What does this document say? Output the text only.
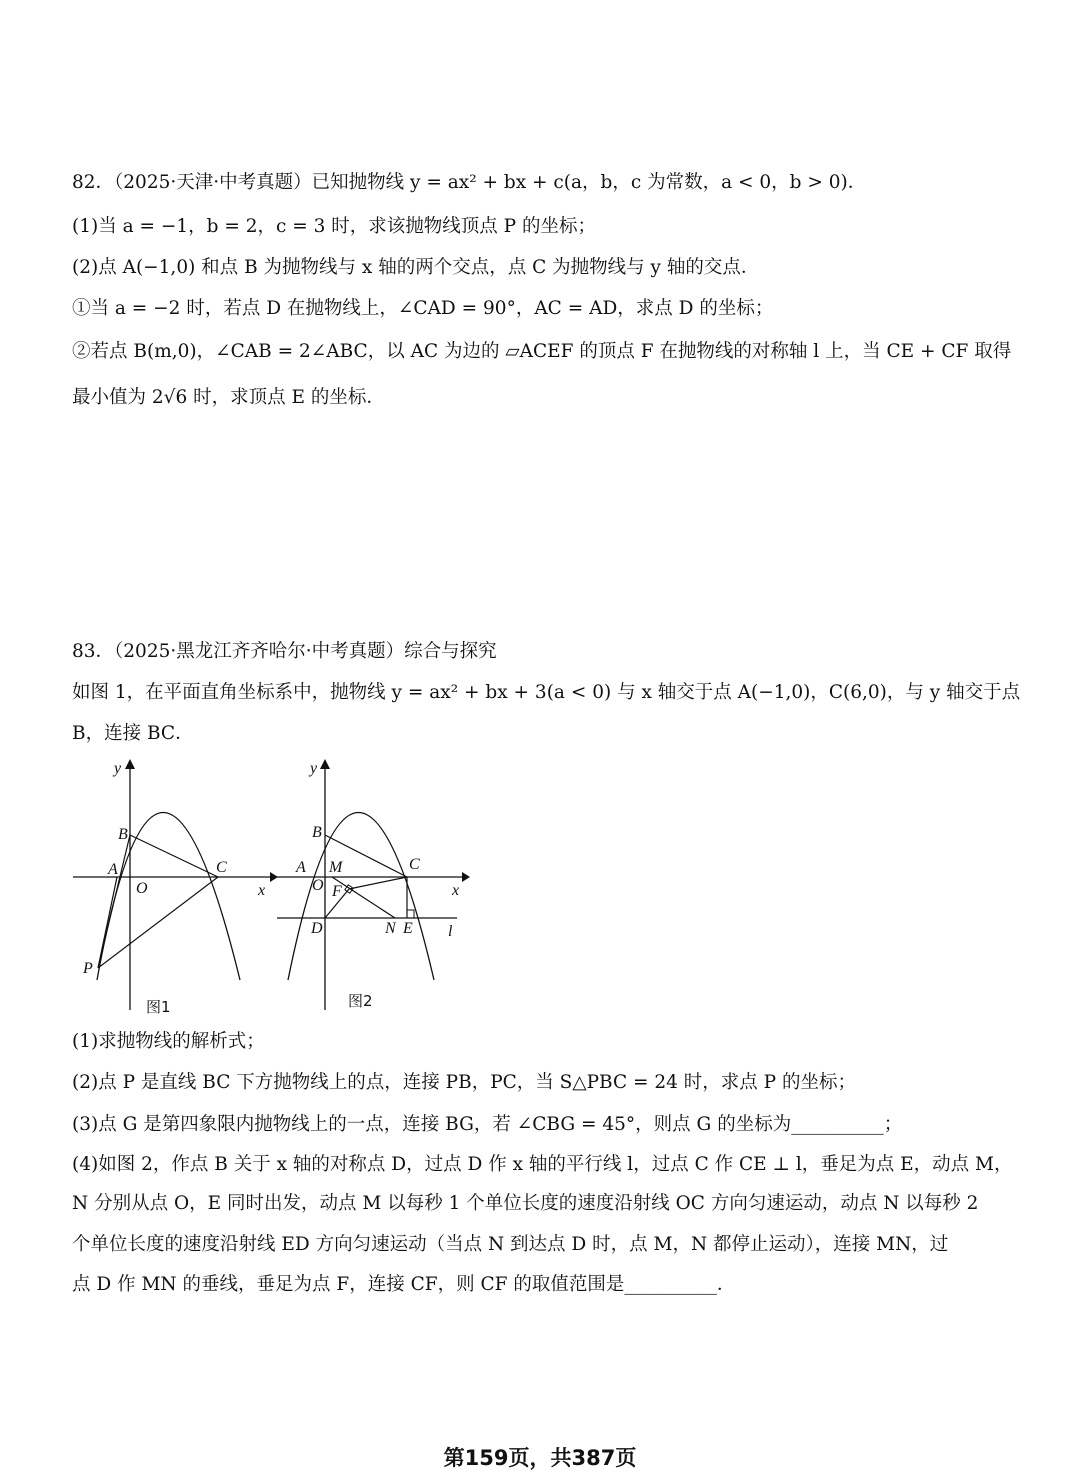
82．（2025·天津·中考真题）已知抛物线 y = ax² + bx + c(a，b，c 为常数，a < 0，b > 0)．
(1)当 a = −1，b = 2，c = 3 时，求该抛物线顶点 P 的坐标；
(2)点 A(−1,0) 和点 B 为抛物线与 x 轴的两个交点，点 C 为抛物线与 y 轴的交点．
①当 a = −2 时，若点 D 在抛物线上，∠CAD = 90°，AC = AD，求点 D 的坐标；
②若点 B(m,0)，∠CAB = 2∠ABC，以 AC 为边的 ▱ACEF 的顶点 F 在抛物线的对称轴 l 上，当 CE + CF 取得
最小值为 2√6 时，求顶点 E 的坐标．
83．（2025·黑龙江齐齐哈尔·中考真题）综合与探究
如图 1，在平面直角坐标系中，抛物线 y = ax² + bx + 3(a < 0) 与 x 轴交于点 A(−1,0)，C(6,0)，与 y 轴交于点
B，连接 BC．
y
x
B
A
O
C
P
图1
y
x
B
A M	C
O F
D	N E l
图2
(1)求抛物线的解析式；
(2)点 P 是直线 BC 下方抛物线上的点，连接 PB，PC，当 S△PBC = 24 时，求点 P 的坐标；
(3)点 G 是第四象限内抛物线上的一点，连接 BG，若 ∠CBG = 45°，则点 G 的坐标为__________；
(4)如图 2，作点 B 关于 x 轴的对称点 D，过点 D 作 x 轴的平行线 l，过点 C 作 CE ⊥ l，垂足为点 E，动点 M，
N 分别从点 O，E 同时出发，动点 M 以每秒 1 个单位长度的速度沿射线 OC 方向匀速运动，动点 N 以每秒 2
个单位长度的速度沿射线 ED 方向匀速运动（当点 N 到达点 D 时，点 M，N 都停止运动），连接 MN，过
点 D 作 MN 的垂线，垂足为点 F，连接 CF，则 CF 的取值范围是__________．
第159页，共387页
